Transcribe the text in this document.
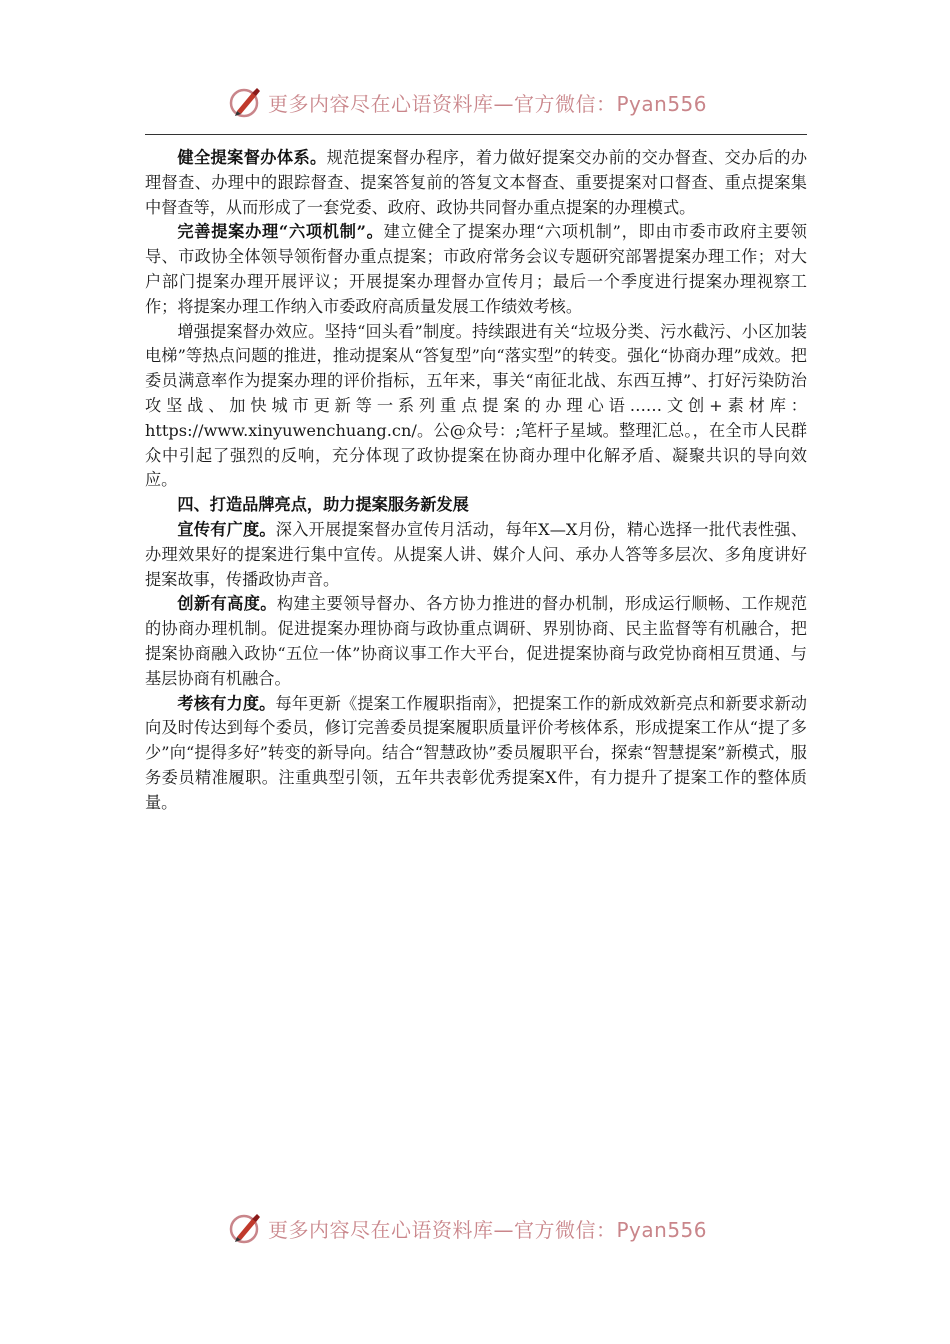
更多内容尽在心语资料库—官方微信：Pyan556

健全提案督办体系。规范提案督办程序，着力做好提案交办前的交办督查、交办后的办理督查、办理中的跟踪督查、提案答复前的答复文本督查、重要提案对口督查、重点提案集中督查等，从而形成了一套党委、政府、政协共同督办重点提案的办理模式。

完善提案办理“六项机制”。建立健全了提案办理“六项机制”，即由市委市政府主要领导、市政协全体领导领衔督办重点提案；市政府常务会议专题研究部署提案办理工作；对大户部门提案办理开展评议；开展提案办理督办宣传月；最后一个季度进行提案办理视察工作；将提案办理工作纳入市委政府高质量发展工作绩效考核。

增强提案督办效应。坚持“回头看”制度。持续跟进有关“垃圾分类、污水截污、小区加装电梯”等热点问题的推进，推动提案从“答复型”向“落实型”的转变。强化“协商办理”成效。把委员满意率作为提案办理的评价指标，五年来，事关“南征北战、东西互搏”、打好污染防治攻坚战、加快城市更新等一系列重点提案的办理心语……文创+素材库：https://www.xinyuwenchuang.cn/。公@众号：;笔杆子星域。整理汇总。，在全市人民群众中引起了强烈的反响，充分体现了政协提案在协商办理中化解矛盾、凝聚共识的导向效应。

四、打造品牌亮点，助力提案服务新发展

宣传有广度。深入开展提案督办宣传月活动，每年X—X月份，精心选择一批代表性强、办理效果好的提案进行集中宣传。从提案人讲、媒介人问、承办人答等多层次、多角度讲好提案故事，传播政协声音。

创新有高度。构建主要领导督办、各方协力推进的督办机制，形成运行顺畅、工作规范的协商办理机制。促进提案办理协商与政协重点调研、界别协商、民主监督等有机融合，把提案协商融入政协“五位一体”协商议事工作大平台，促进提案协商与政党协商相互贯通、与基层协商有机融合。

考核有力度。每年更新《提案工作履职指南》，把提案工作的新成效新亮点和新要求新动向及时传达到每个委员，修订完善委员提案履职质量评价考核体系，形成提案工作从“提了多少”向“提得多好”转变的新导向。结合“智慧政协”委员履职平台，探索“智慧提案”新模式，服务委员精准履职。注重典型引领，五年共表彰优秀提案X件，有力提升了提案工作的整体质量。

更多内容尽在心语资料库—官方微信：Pyan556
